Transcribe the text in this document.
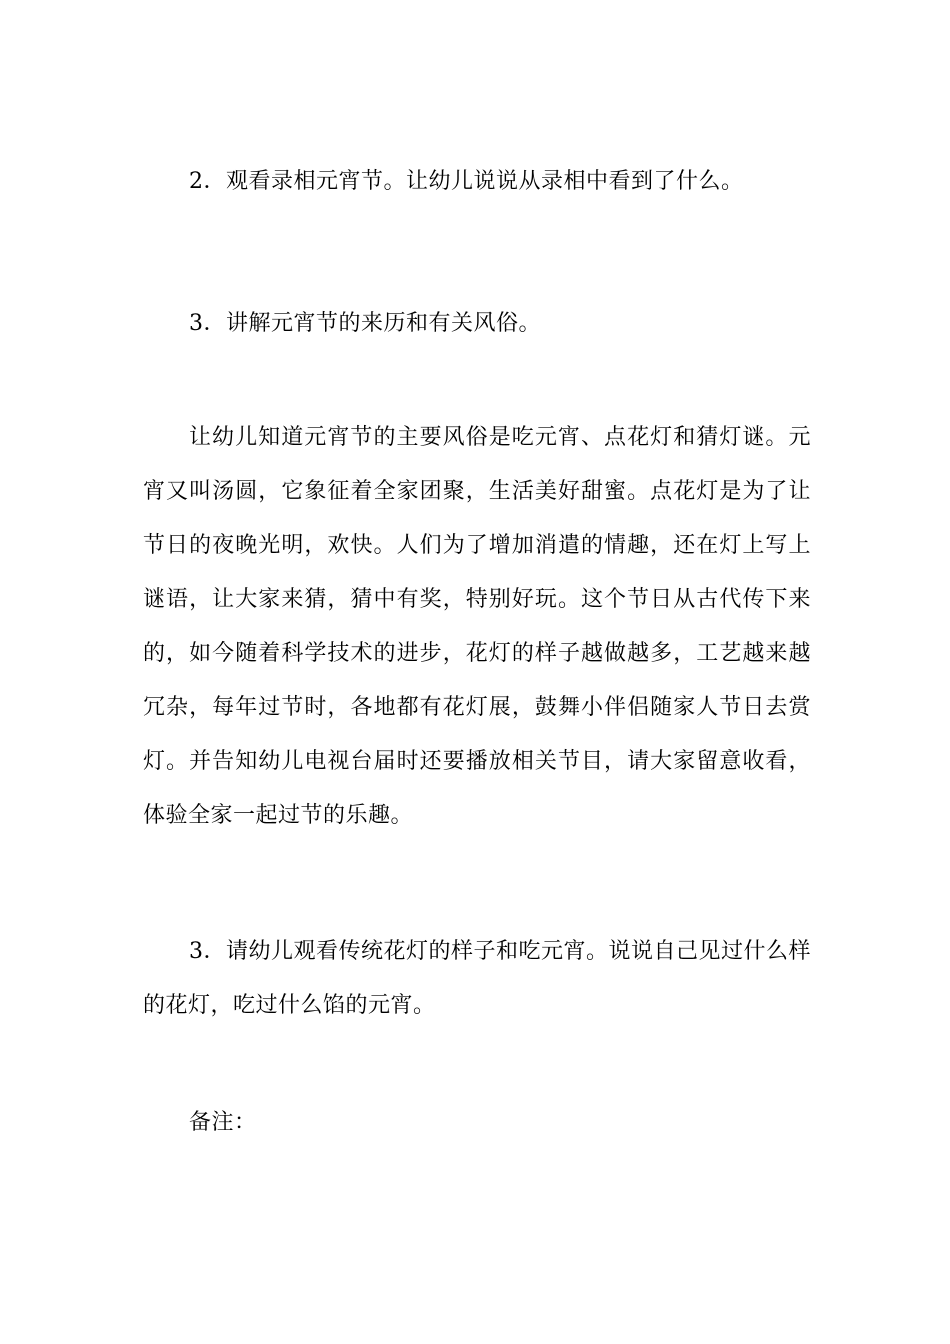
2．观看录相元宵节。让幼儿说说从录相中看到了什么。

3．讲解元宵节的来历和有关风俗。

让幼儿知道元宵节的主要风俗是吃元宵、点花灯和猜灯谜。元宵又叫汤圆，它象征着全家团聚，生活美好甜蜜。点花灯是为了让节日的夜晚光明，欢快。人们为了增加消遣的情趣，还在灯上写上谜语，让大家来猜，猜中有奖，特别好玩。这个节日从古代传下来的，如今随着科学技术的进步，花灯的样子越做越多，工艺越来越冗杂，每年过节时，各地都有花灯展，鼓舞小伴侣随家人节日去赏灯。并告知幼儿电视台届时还要播放相关节目，请大家留意收看，体验全家一起过节的乐趣。

3．请幼儿观看传统花灯的样子和吃元宵。说说自己见过什么样的花灯，吃过什么馅的元宵。

备注：
